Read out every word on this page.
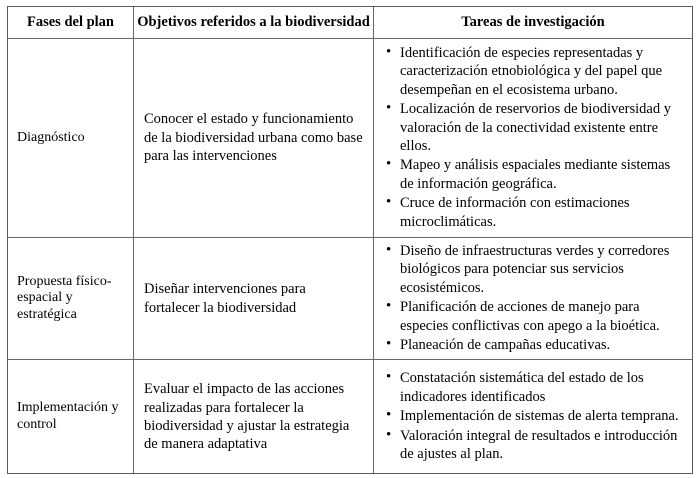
Fases del plan	Objetivos referidos a la biodiversidad	Tareas de investigación
Diagnóstico	Conocer el estado y funcionamiento de la biodiversidad urbana como base para las intervenciones	
• Identificación de especies representadas y caracterización etnobiológica y del papel que desempeñan en el ecosistema urbano.
• Localización de reservorios de biodiversidad y valoración de la conectividad existente entre ellos.
• Mapeo y análisis espaciales mediante sistemas de información geográfica.
• Cruce de información con estimaciones microclimáticas.

Propuesta físico-espacial y estratégica	Diseñar intervenciones para fortalecer la biodiversidad	
• Diseño de infraestructuras verdes y corredores biológicos para potenciar sus servicios ecosistémicos.
• Planificación de acciones de manejo para especies conflictivas con apego a la bioética.
• Planeación de campañas educativas.

Implementación y control	Evaluar el impacto de las acciones realizadas para fortalecer la biodiversidad y ajustar la estrategia de manera adaptativa	
• Constatación sistemática del estado de los indicadores identificados
• Implementación de sistemas de alerta temprana.
• Valoración integral de resultados e introducción de ajustes al plan.
